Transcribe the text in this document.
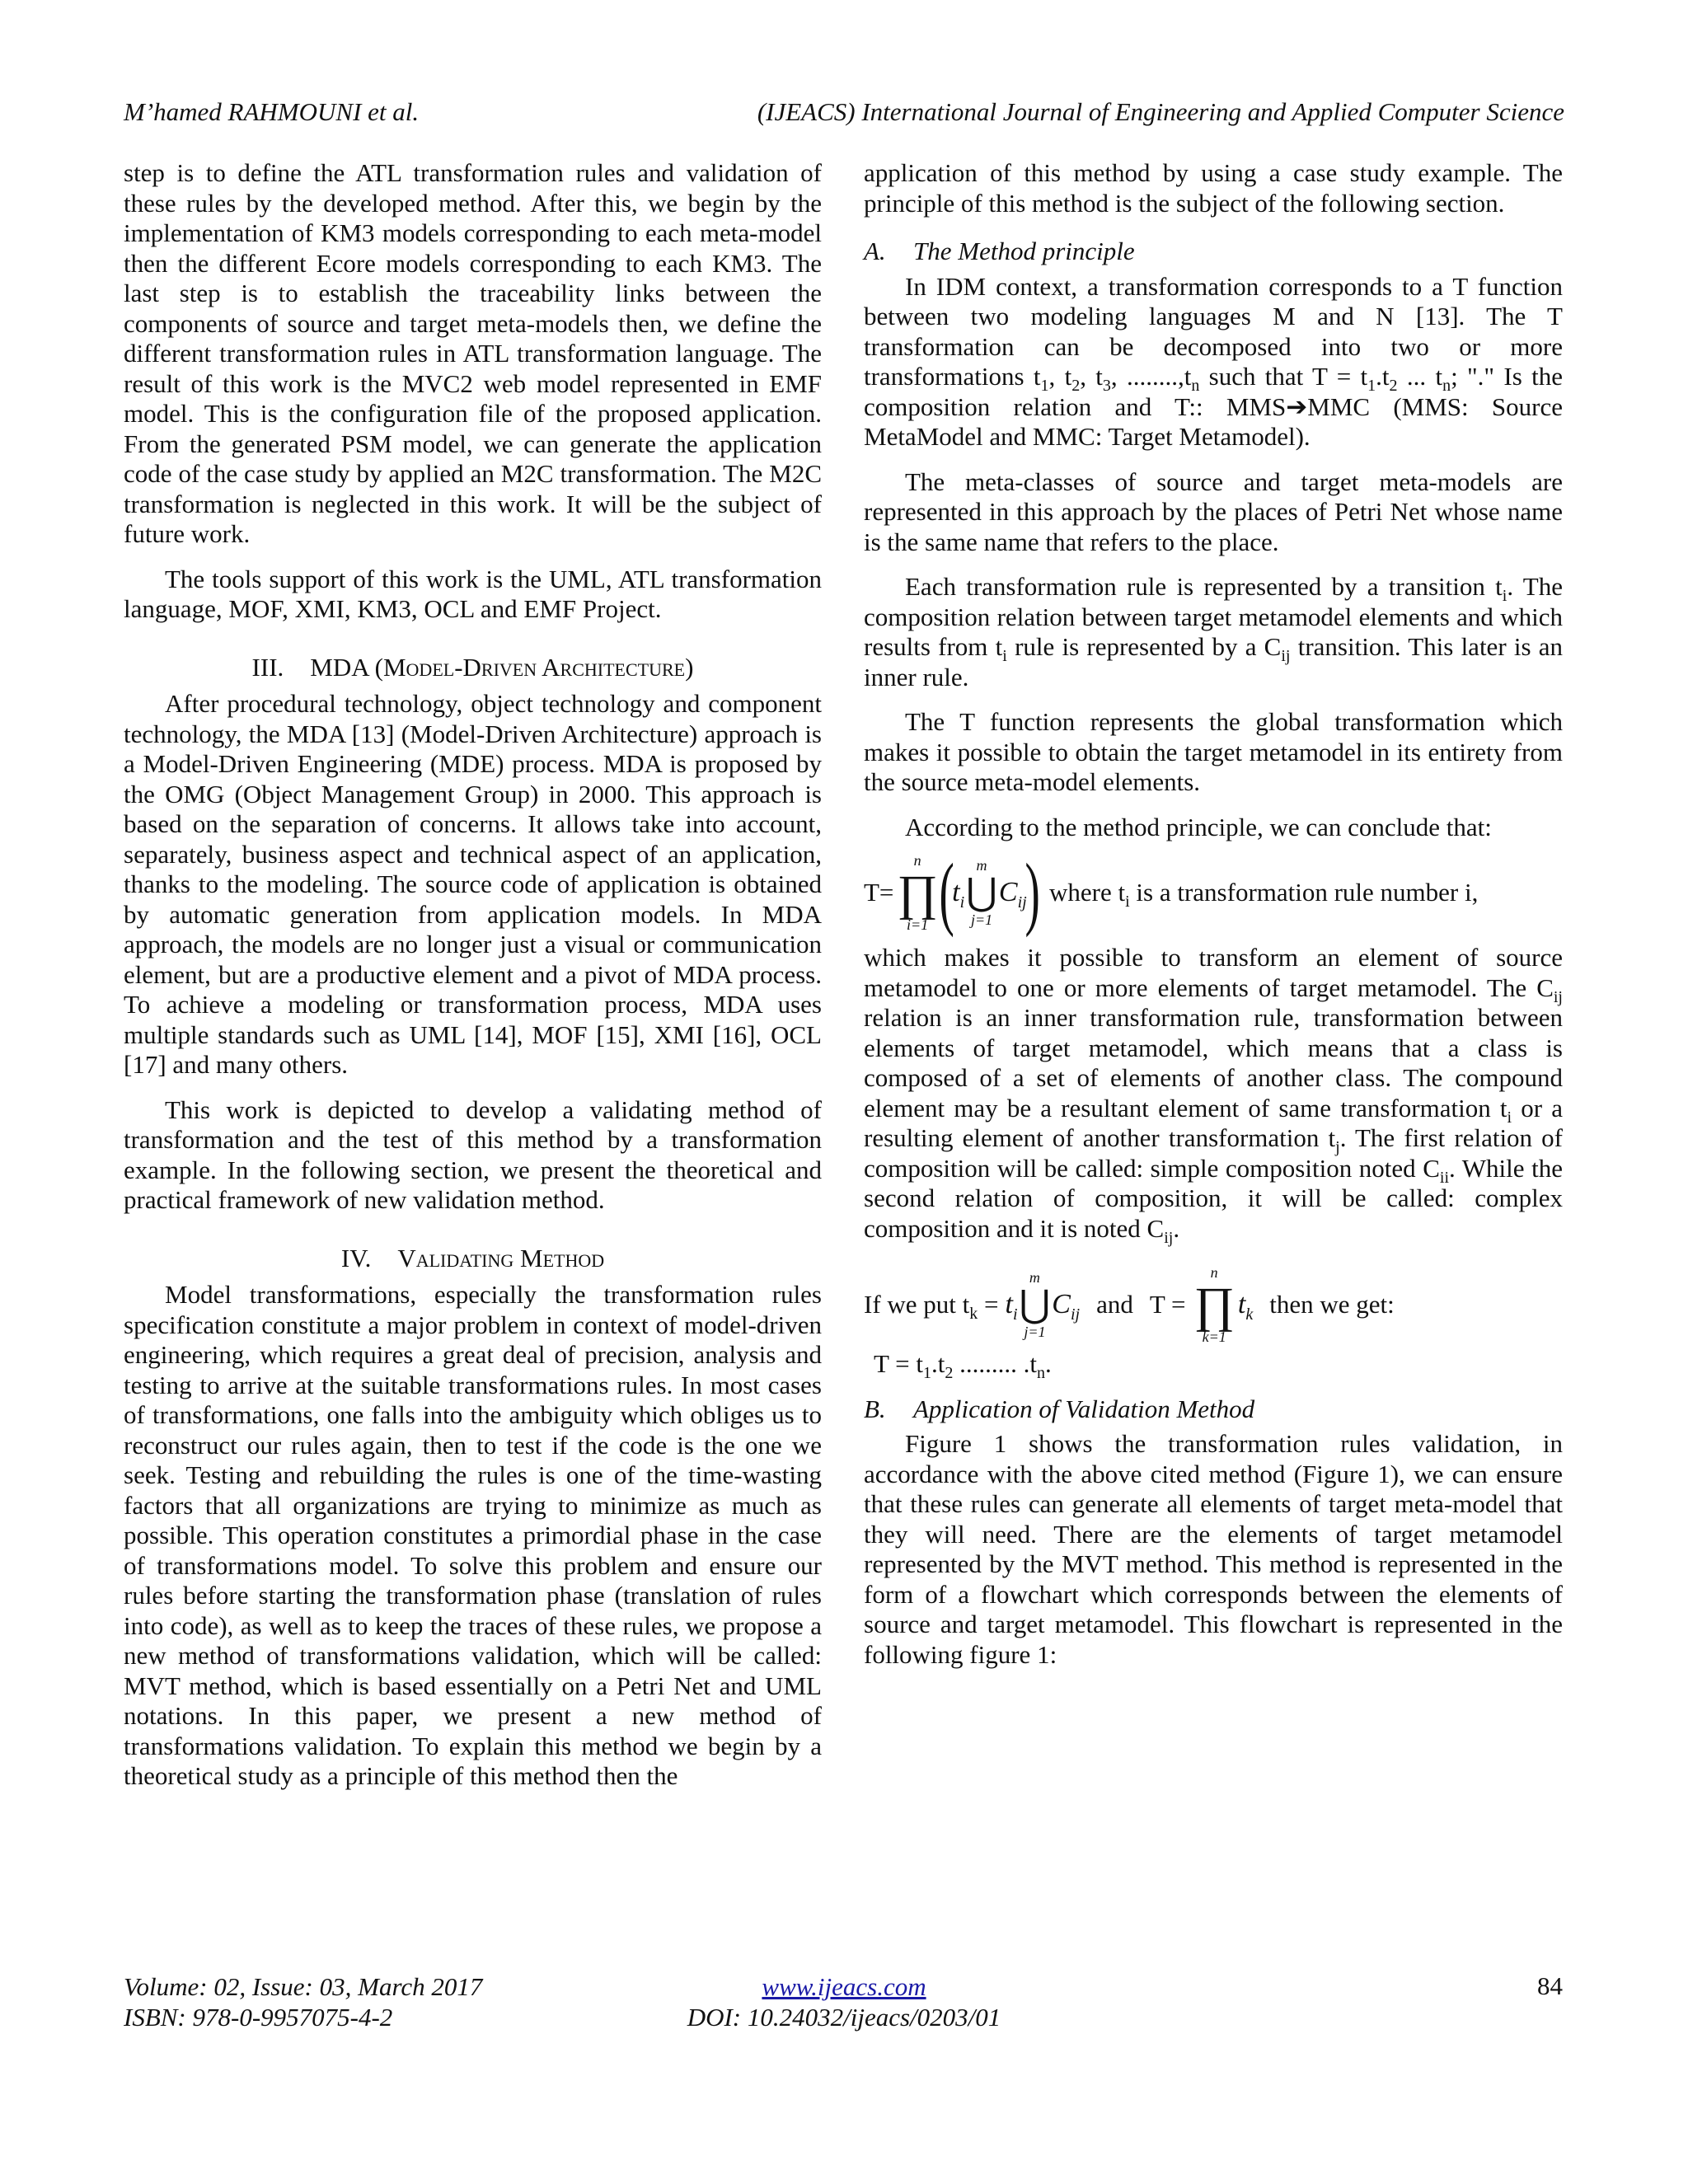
M’hamed RAHMOUNI et al.	(IJEACS) International Journal of Engineering and Applied Computer Science

step is to define the ATL transformation rules and validation of these rules by the developed method. After this, we begin by the implementation of KM3 models corresponding to each meta-model then the different Ecore models corresponding to each KM3. The last step is to establish the traceability links between the components of source and target meta-models then, we define the different transformation rules in ATL transformation language. The result of this work is the MVC2 web model represented in EMF model. This is the configuration file of the proposed application. From the generated PSM model, we can generate the application code of the case study by applied an M2C transformation. The M2C transformation is neglected in this work. It will be the subject of future work.

The tools support of this work is the UML, ATL transformation language, MOF, XMI, KM3, OCL and EMF Project.

III. MDA (Model-Driven Architecture)

After procedural technology, object technology and component technology, the MDA [13] (Model-Driven Architecture) approach is a Model-Driven Engineering (MDE) process. MDA is proposed by the OMG (Object Management Group) in 2000. This approach is based on the separation of concerns. It allows take into account, separately, business aspect and technical aspect of an application, thanks to the modeling. The source code of application is obtained by automatic generation from application models. In MDA approach, the models are no longer just a visual or communication element, but are a productive element and a pivot of MDA process. To achieve a modeling or transformation process, MDA uses multiple standards such as UML [14], MOF [15], XMI [16], OCL [17] and many others.

This work is depicted to develop a validating method of transformation and the test of this method by a transformation example. In the following section, we present the theoretical and practical framework of new validation method.

IV. Validating Method

Model transformations, especially the transformation rules specification constitute a major problem in context of model-driven engineering, which requires a great deal of precision, analysis and testing to arrive at the suitable transformations rules. In most cases of transformations, one falls into the ambiguity which obliges us to reconstruct our rules again, then to test if the code is the one we seek. Testing and rebuilding the rules is one of the time-wasting factors that all organizations are trying to minimize as much as possible. This operation constitutes a primordial phase in the case of transformations model. To solve this problem and ensure our rules before starting the transformation phase (translation of rules into code), as well as to keep the traces of these rules, we propose a new method of transformations validation, which will be called: MVT method, which is based essentially on a Petri Net and UML notations. In this paper, we present a new method of transformations validation. To explain this method we begin by a theoretical study as a principle of this method then the

application of this method by using a case study example. The principle of this method is the subject of the following section.

A. The Method principle

In IDM context, a transformation corresponds to a T function between two modeling languages M and N [13]. The T transformation can be decomposed into two or more transformations $t_1$, $t_2$, $t_3$, $........,t_n$ such that $T = t_1.t_2$ ... $t_n$; "." Is the composition relation and T:: MMS➔MMC (MMS: Source MetaModel and MMC: Target Metamodel).

The meta-classes of source and target meta-models are represented in this approach by the places of Petri Net whose name is the same name that refers to the place.

Each transformation rule is represented by a transition $t_i$. The composition relation between target metamodel elements and which results from $t_i$ rule is represented by a $C_{ij}$ transition. This later is an inner rule.

The T function represents the global transformation which makes it possible to obtain the target metamodel in its entirety from the source meta-model elements.

According to the method principle, we can conclude that:

T=
n
∏
i=1 (
$t_i$
m
⋃
j=1
$C_{ij}$
) where $t_i$ is a transformation rule number i,

which makes it possible to transform an element of source metamodel to one or more elements of target metamodel. The $C_{ij}$ relation is an inner transformation rule, transformation between elements of target metamodel, which means that a class is composed of a set of elements of another class. The compound element may be a resultant element of same transformation $t_i$ or a resulting element of another transformation $t_j$. The first relation of composition will be called: simple composition noted $C_{ii}$. While the second relation of composition, it will be called: complex composition and it is noted $C_{ij}$.

If we put $t_k = t_i$
m
⋃
j=1
$C_{ij}$ and T =
n
∏
k=1
$t_k$ then we get:

$T = t_1.t_2$ ......... $.t_n$.

B. Application of Validation Method

Figure 1 shows the transformation rules validation, in accordance with the above cited method (Figure 1), we can ensure that these rules can generate all elements of target meta-model that they will need. There are the elements of target metamodel represented by the MVT method. This method is represented in the form of a flowchart which corresponds between the elements of source and target metamodel. This flowchart is represented in the following figure 1:

Volume: 02, Issue: 03, March 2017
ISBN: 978-0-9957075-4-2
www.ijeacs.com
DOI: 10.24032/ijeacs/0203/01
84
